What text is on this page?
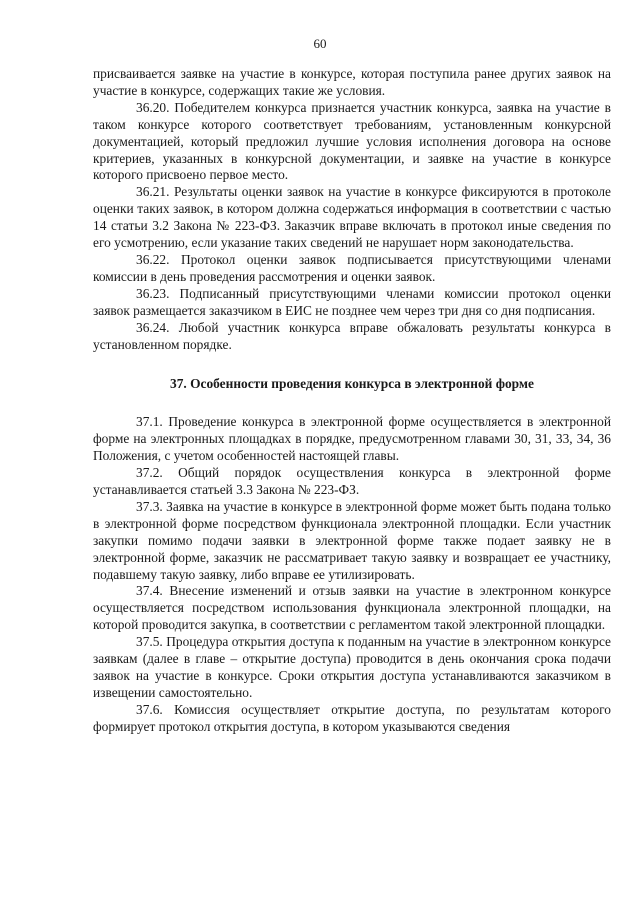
60

присваивается заявке на участие в конкурсе, которая поступила ранее других заявок на участие в конкурсе, содержащих такие же условия.

36.20. Победителем конкурса признается участник конкурса, заявка на участие в таком конкурсе которого соответствует требованиям, установленным конкурсной документацией, который предложил лучшие условия исполнения договора на основе критериев, указанных в конкурсной документации, и заявке на участие в конкурсе которого присвоено первое место.

36.21. Результаты оценки заявок на участие в конкурсе фиксируются в протоколе оценки таких заявок, в котором должна содержаться информация в соответствии с частью 14 статьи 3.2 Закона № 223-ФЗ. Заказчик вправе включать в протокол иные сведения по его усмотрению, если указание таких сведений не нарушает норм законодательства.

36.22. Протокол оценки заявок подписывается присутствующими членами комиссии в день проведения рассмотрения и оценки заявок.

36.23. Подписанный присутствующими членами комиссии протокол оценки заявок размещается заказчиком в ЕИС не позднее чем через три дня со дня подписания.

36.24. Любой участник конкурса вправе обжаловать результаты конкурса в установленном порядке.

37. Особенности проведения конкурса в электронной форме

37.1. Проведение конкурса в электронной форме осуществляется в электронной форме на электронных площадках в порядке, предусмотренном главами 30, 31, 33, 34, 36 Положения, с учетом особенностей настоящей главы.

37.2. Общий порядок осуществления конкурса в электронной форме устанавливается статьей 3.3 Закона № 223-ФЗ.

37.3. Заявка на участие в конкурсе в электронной форме может быть подана только в электронной форме посредством функционала электронной площадки. Если участник закупки помимо подачи заявки в электронной форме также подает заявку не в электронной форме, заказчик не рассматривает такую заявку и возвращает ее участнику, подавшему такую заявку, либо вправе ее утилизировать.

37.4. Внесение изменений и отзыв заявки на участие в электронном конкурсе осуществляется посредством использования функционала электронной площадки, на которой проводится закупка, в соответствии с регламентом такой электронной площадки.

37.5. Процедура открытия доступа к поданным на участие в электронном конкурсе заявкам (далее в главе – открытие доступа) проводится в день окончания срока подачи заявок на участие в конкурсе. Сроки открытия доступа устанавливаются заказчиком в извещении самостоятельно.

37.6. Комиссия осуществляет открытие доступа, по результатам которого формирует протокол открытия доступа, в котором указываются сведения
